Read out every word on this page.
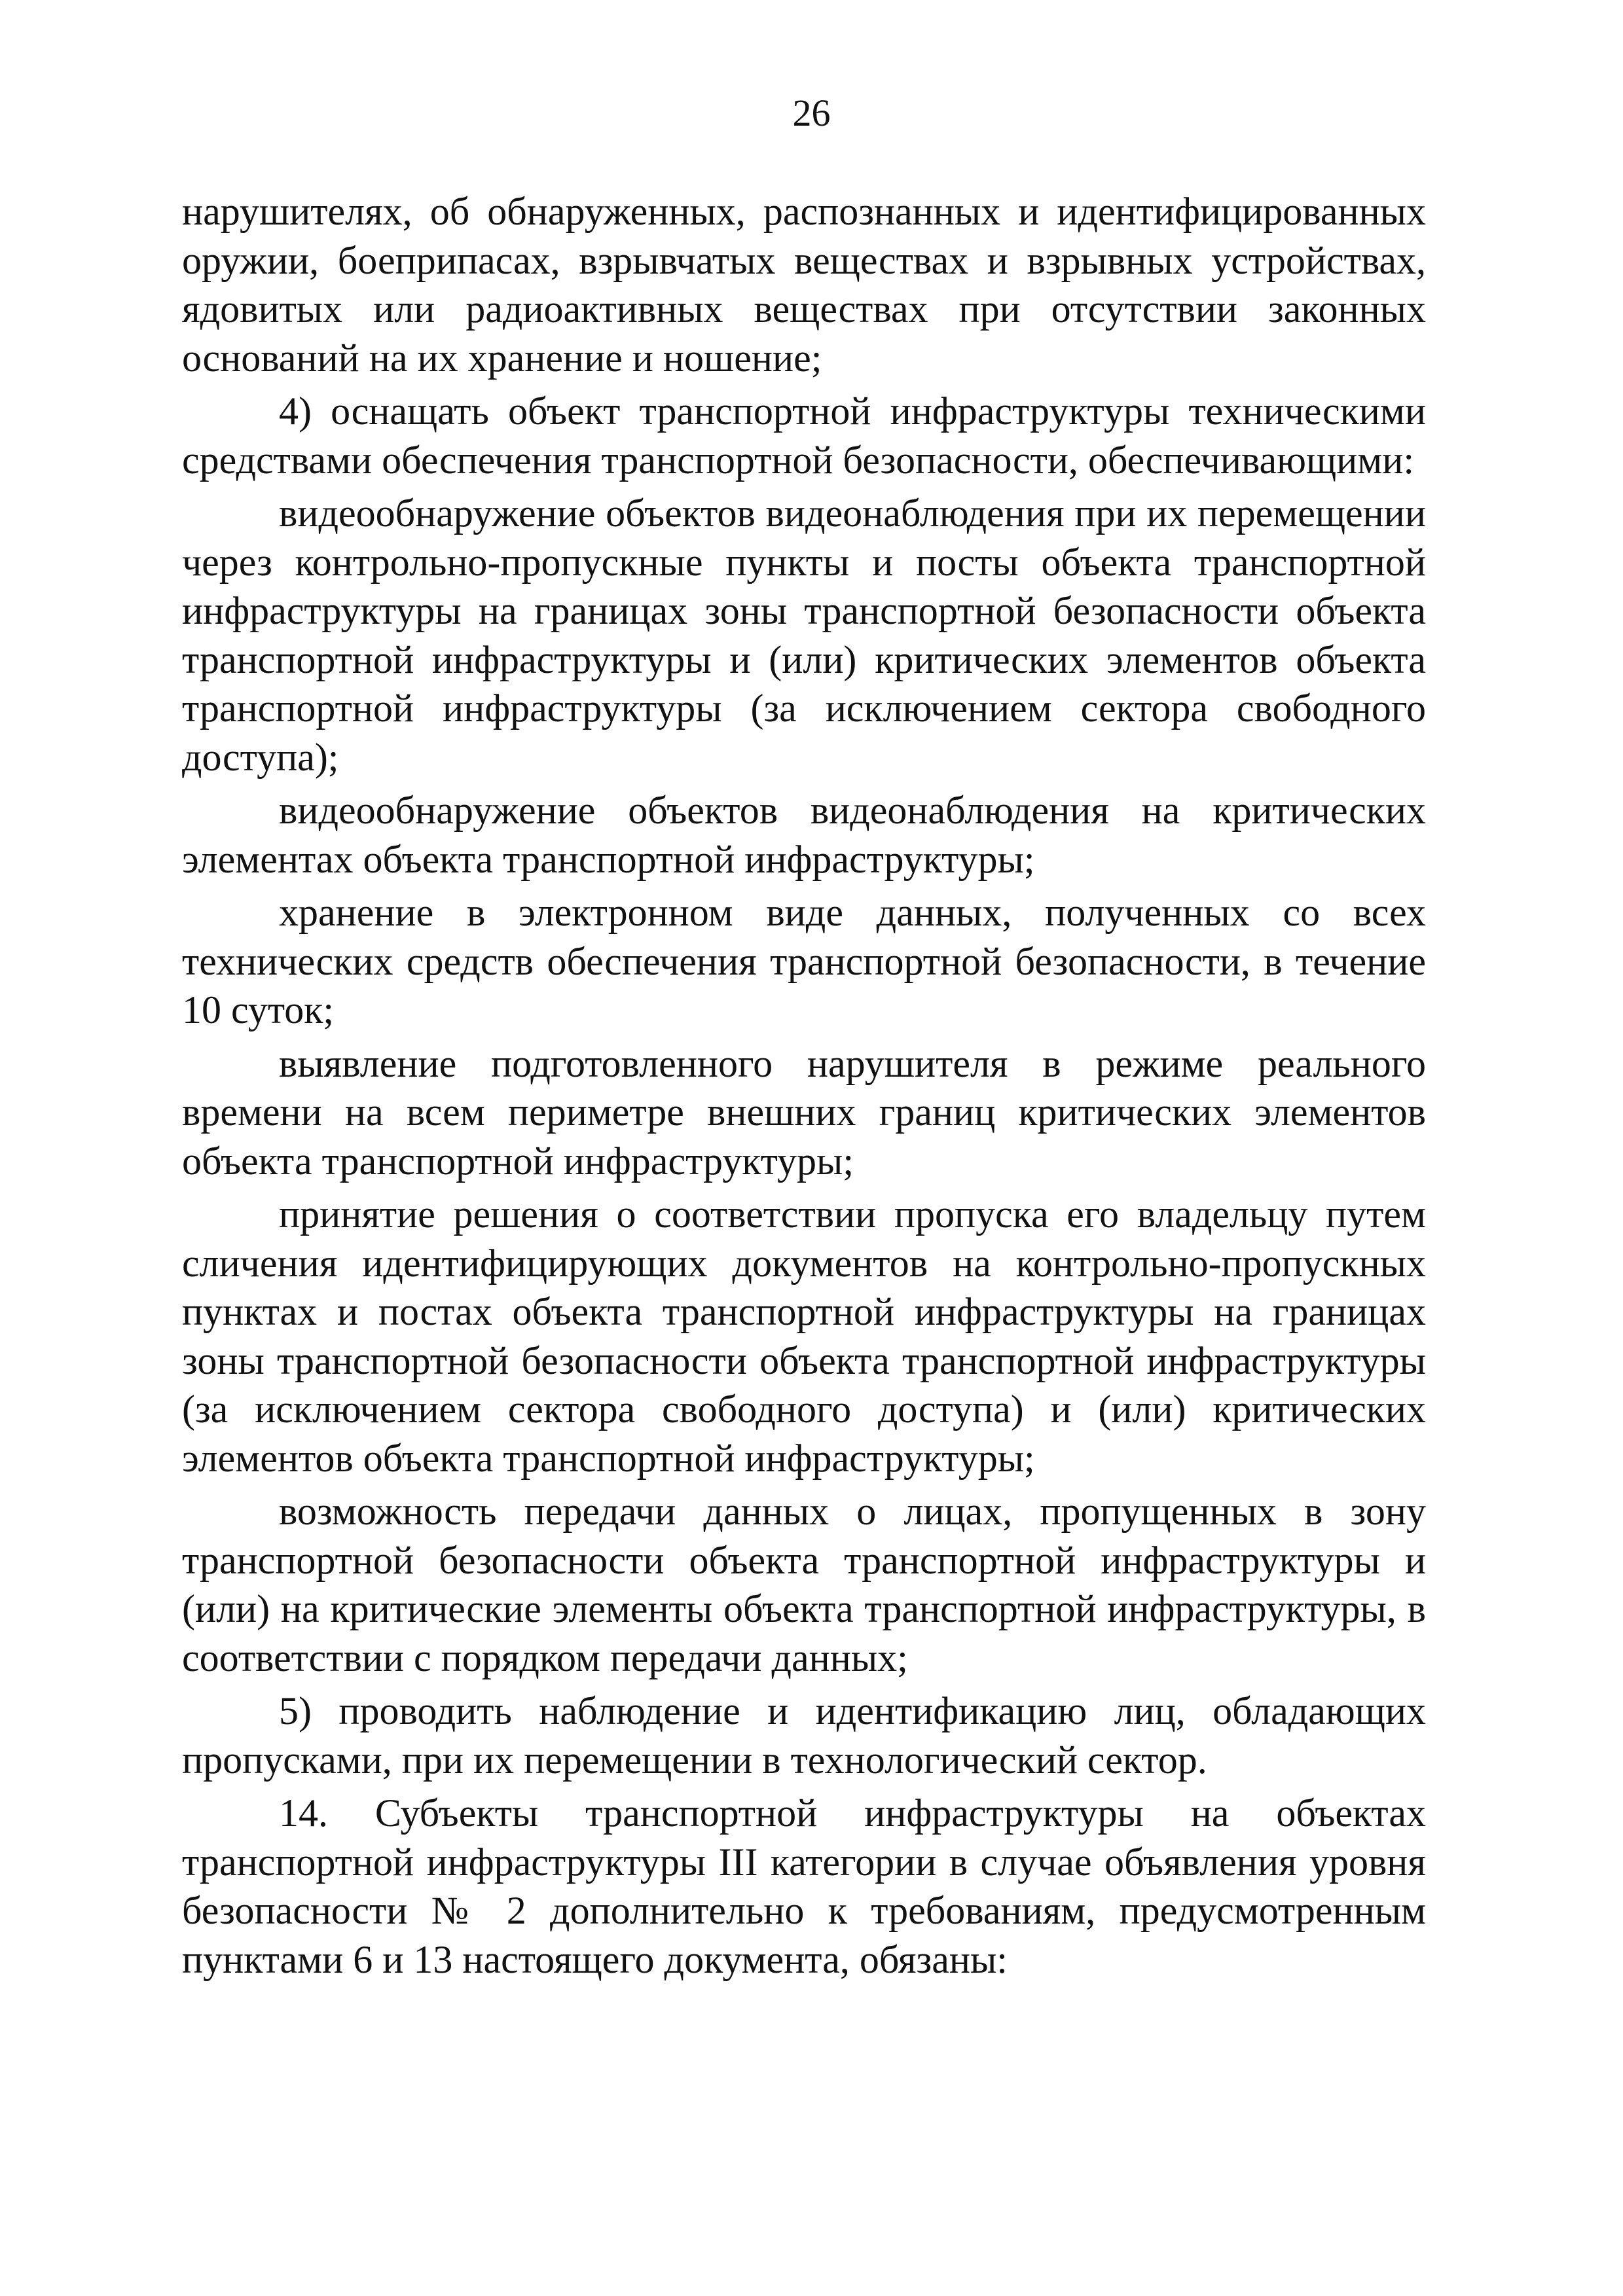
26

нарушителях, об обнаруженных, распознанных и идентифицированных оружии, боеприпасах, взрывчатых веществах и взрывных устройствах, ядовитых или радиоактивных веществах при отсутствии законных оснований на их хранение и ношение;

4) оснащать объект транспортной инфраструктуры техническими средствами обеспечения транспортной безопасности, обеспечивающими:

видеообнаружение объектов видеонаблюдения при их перемещении через контрольно-пропускные пункты и посты объекта транспортной инфраструктуры на границах зоны транспортной безопасности объекта транспортной инфраструктуры и (или) критических элементов объекта транспортной инфраструктуры (за исключением сектора свободного доступа);

видеообнаружение объектов видеонаблюдения на критических элементах объекта транспортной инфраструктуры;

хранение в электронном виде данных, полученных со всех технических средств обеспечения транспортной безопасности, в течение 10 суток;

выявление подготовленного нарушителя в режиме реального времени на всем периметре внешних границ критических элементов объекта транспортной инфраструктуры;

принятие решения о соответствии пропуска его владельцу путем сличения идентифицирующих документов на контрольно-пропускных пунктах и постах объекта транспортной инфраструктуры на границах зоны транспортной безопасности объекта транспортной инфраструктуры (за исключением сектора свободного доступа) и (или) критических элементов объекта транспортной инфраструктуры;

возможность передачи данных о лицах, пропущенных в зону транспортной безопасности объекта транспортной инфраструктуры и (или) на критические элементы объекта транспортной инфраструктуры, в соответствии с порядком передачи данных;

5) проводить наблюдение и идентификацию лиц, обладающих пропусками, при их перемещении в технологический сектор.

14. Субъекты транспортной инфраструктуры на объектах транспортной инфраструктуры III категории в случае объявления уровня безопасности № 2 дополнительно к требованиям, предусмотренным пунктами 6 и 13 настоящего документа, обязаны:
